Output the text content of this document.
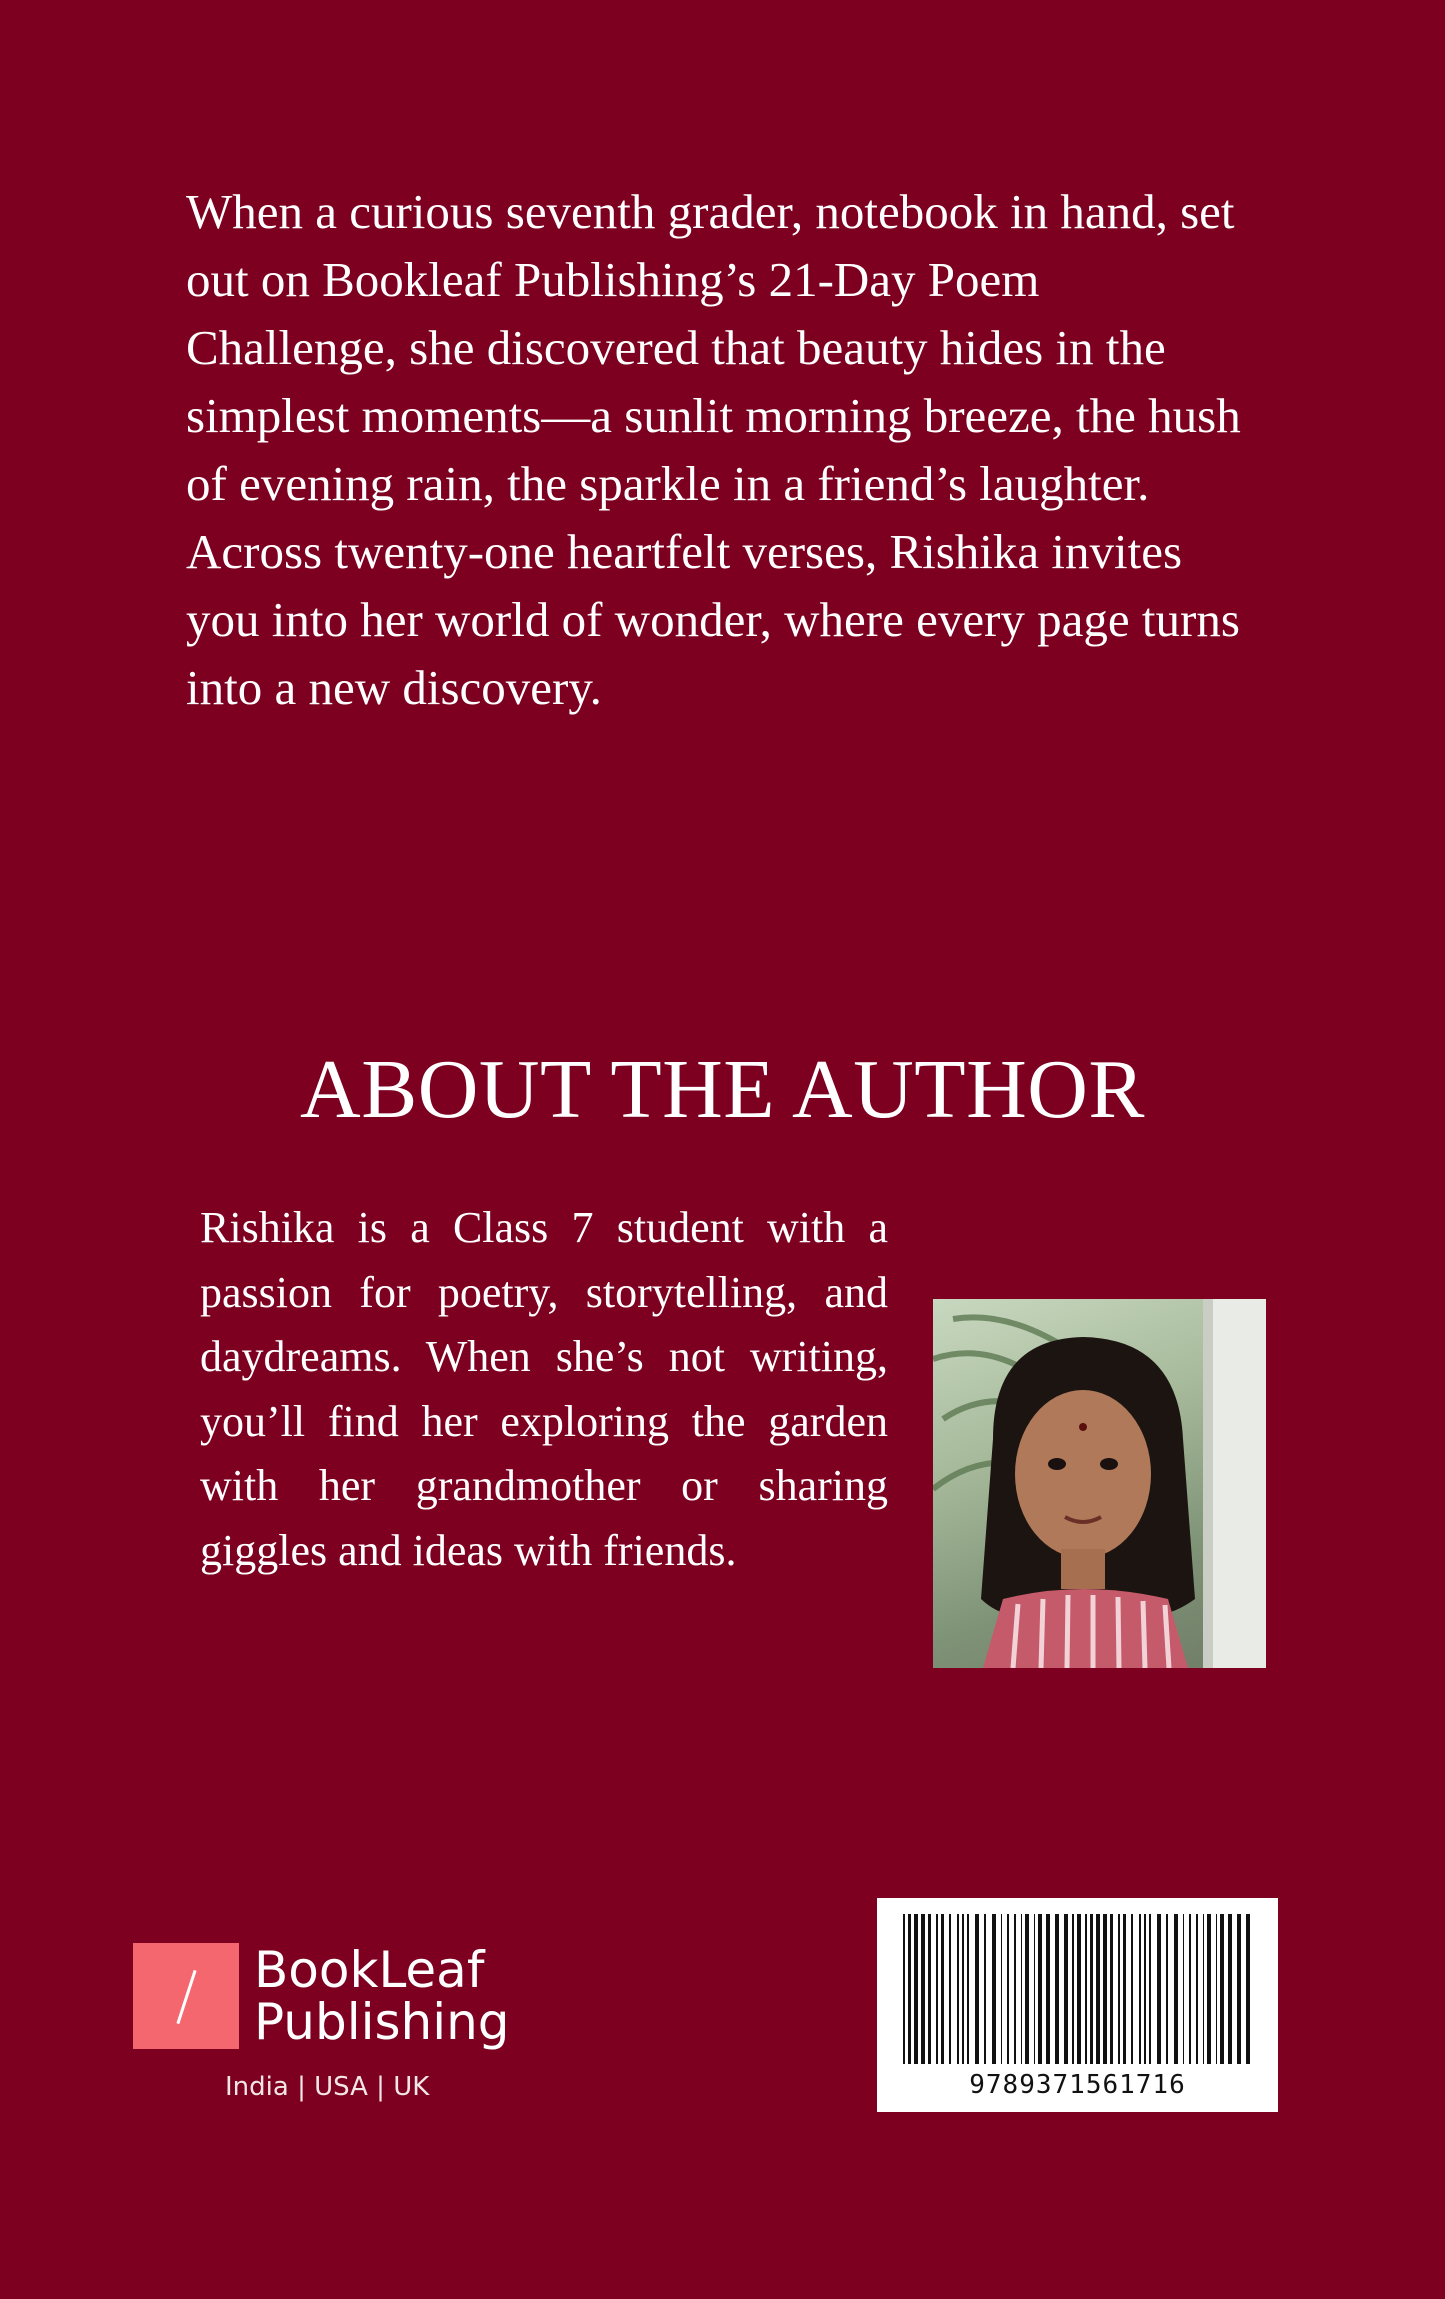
When a curious seventh grader, notebook in hand, set out on Bookleaf Publishing’s 21-Day Poem Challenge, she discovered that beauty hides in the simplest moments—a sunlit morning breeze, the hush of evening rain, the sparkle in a friend’s laughter. Across twenty-one heartfelt verses, Rishika invites you into her world of wonder, where every page turns into a new discovery.

ABOUT THE AUTHOR

Rishika is a Class 7 student with a passion for poetry, storytelling, and daydreams. When she’s not writing, you’ll find her exploring the garden with her grandmother or sharing giggles and ideas with friends.

BookLeaf
Publishing
India | USA | UK	9789371561716
